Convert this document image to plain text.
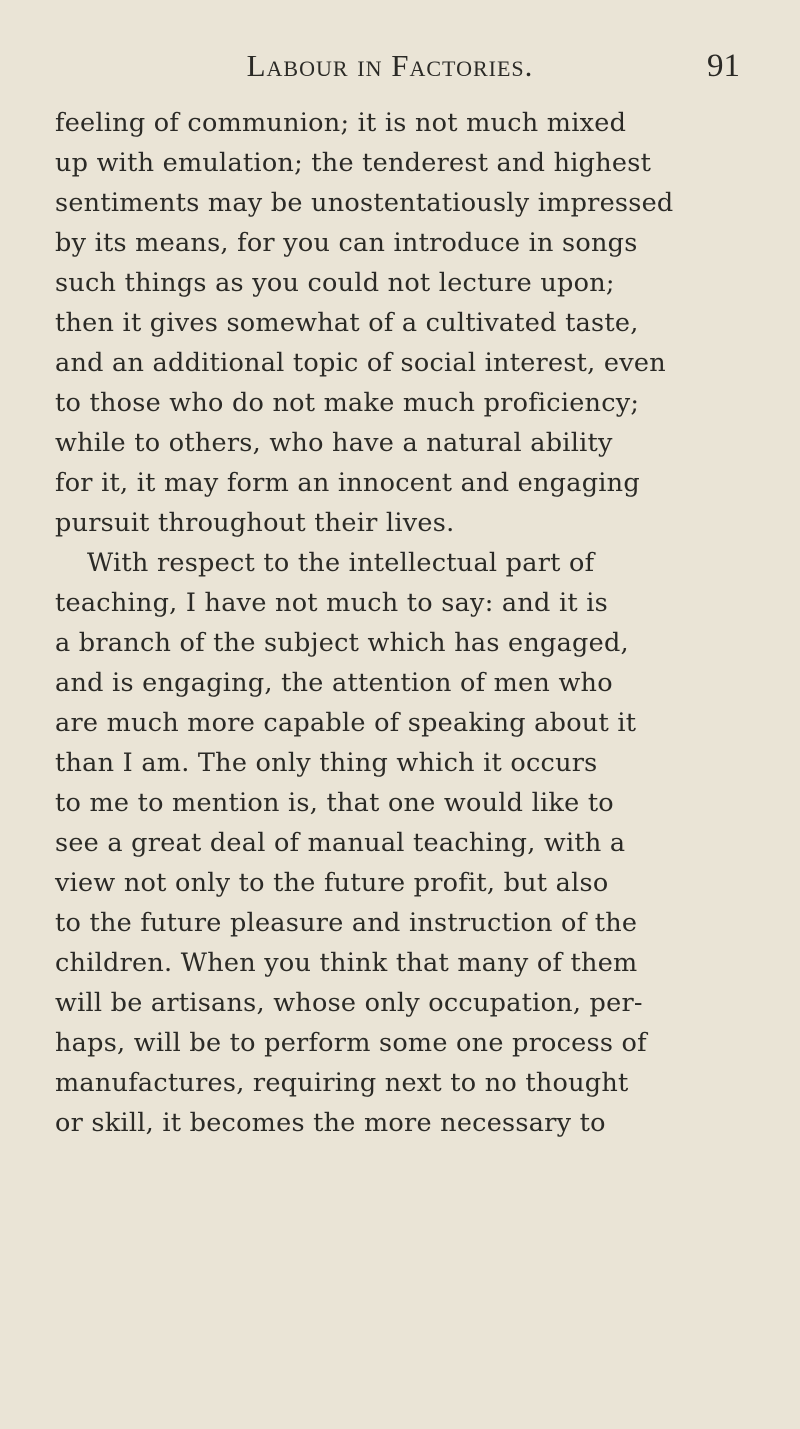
Labour in Factories.	91
feeling of communion; it is not much mixed
up with emulation; the tenderest and highest
sentiments may be unostentatiously impressed
by its means, for you can introduce in songs
such things as you could not lecture upon;
then it gives somewhat of a cultivated taste,
and an additional topic of social interest, even
to those who do not make much proficiency;
while to others, who have a natural ability
for it, it may form an innocent and engaging
pursuit throughout their lives.
With respect to the intellectual part of
teaching, I have not much to say: and it is
a branch of the subject which has engaged,
and is engaging, the attention of men who
are much more capable of speaking about it
than I am. The only thing which it occurs
to me to mention is, that one would like to
see a great deal of manual teaching, with a
view not only to the future profit, but also
to the future pleasure and instruction of the
children. When you think that many of them
will be artisans, whose only occupation, per-
haps, will be to perform some one process of
manufactures, requiring next to no thought
or skill, it becomes the more necessary to
